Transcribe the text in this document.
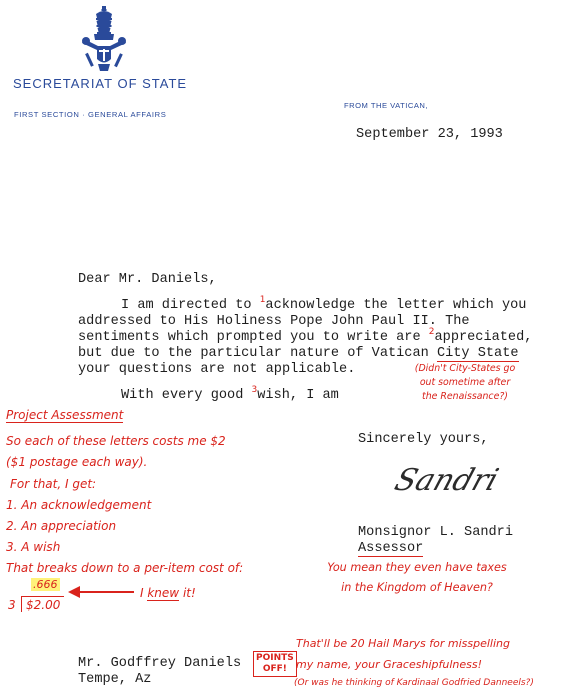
SECRETARIAT OF STATE
FIRST SECTION · GENERAL AFFAIRS
FROM THE VATICAN,
September 23, 1993
Dear Mr. Daniels,
I am directed to $^1$acknowledge the letter which you
addressed to His Holiness Pope John Paul II. The
sentiments which prompted you to write are $^2$appreciated,
but due to the particular nature of Vatican City State
your questions are not applicable.
With every good $^3$wish, I am
Sincerely yours,
Sandri
Monsignor L. Sandri
Assessor
Mr. Godffrey Daniels
Tempe, Az
(Didn't City-States go
out sometime after
the Renaissance?)
Project Assessment
So each of these letters costs me $2
($1 postage each way).
For that, I get:
1. An acknowledgement
2. An appreciation
3. A wish
That breaks down to a per-item cost of:
.666
3 $2.00
I knew it!
You mean they even have taxes
in the Kingdom of Heaven?
POINTS
OFF!
That'll be 20 Hail Marys for misspelling
my name, your Graceshipfulness!
(Or was he thinking of Kardinaal Godfried Danneels?)
